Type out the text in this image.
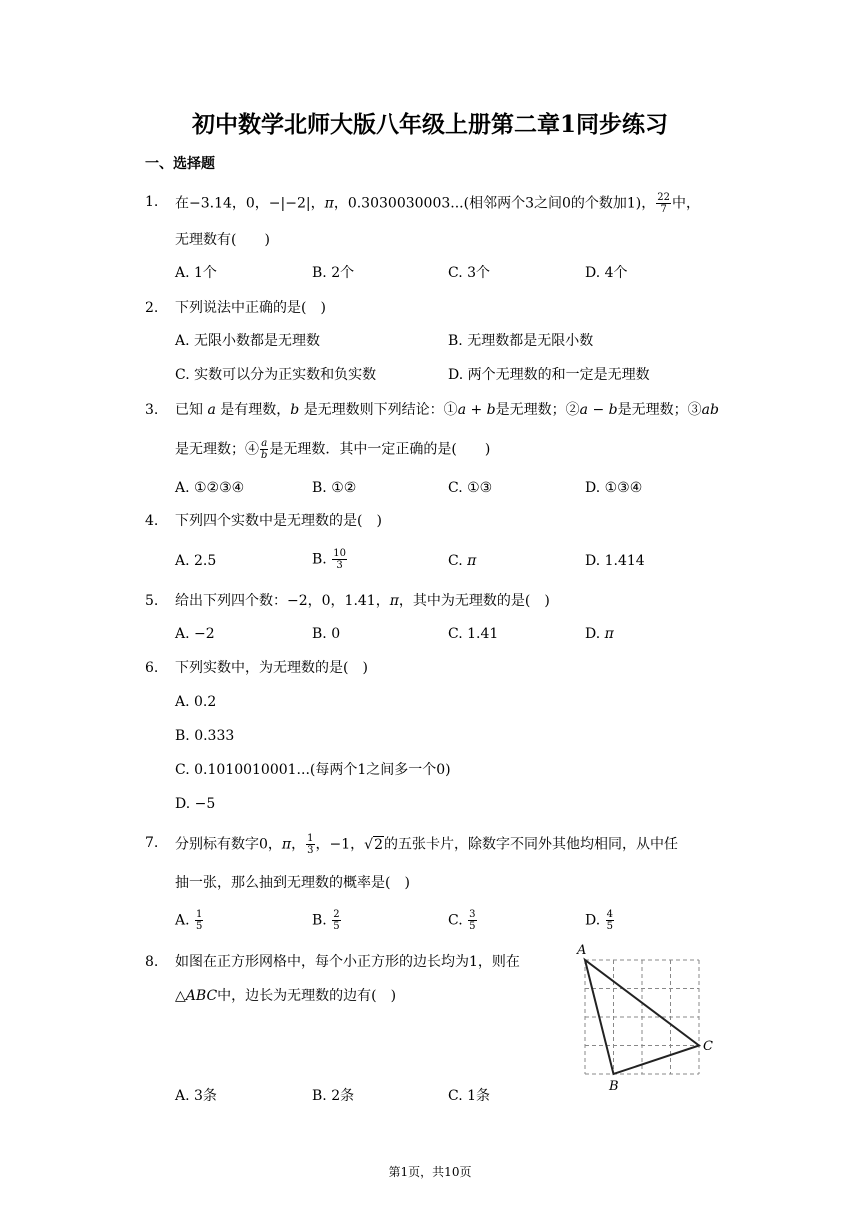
初中数学北师大版八年级上册第二章1同步练习
一、选择题
1. 在−3.14，0，−|−2|，π，0.3030030003...(相邻两个3之间0的个数加1)， $\frac{22}{7}$ 中，
无理数有(　　)
A. 1个	B. 2个	C. 3个	D. 4个
2. 下列说法中正确的是(　)
A. 无限小数都是无理数	B. 无理数都是无限小数
C. 实数可以分为正实数和负实数	D. 两个无理数的和一定是无理数
3. 已知 a 是有理数，b 是无理数则下列结论：①a + b是无理数；②a − b是无理数；③ab
是无理数；④ $\frac{a}{b}$ 是无理数．其中一定正确的是(　　)
A. ①②③④	B. ①②	C. ①③	D. ①③④
4. 下列四个实数中是无理数的是(　)
A. 2.5	B. $\frac{10}{3}$	C. π	D. 1.414
5. 给出下列四个数：−2，0，1.41，π，其中为无理数的是(　)
A. −2	B. 0	C. 1.41	D. π
6. 下列实数中，为无理数的是(　)
A. 0.2
B. 0.333
C. 0.1010010001...(每两个1之间多一个0)
D. −5
7. 分别标有数字0，π， $\frac{1}{3}$ ，−1，√2的五张卡片，除数字不同外其他均相同，从中任
抽一张，那么抽到无理数的概率是(　)
A. $\frac{1}{5}$	B. $\frac{2}{5}$	C. $\frac{3}{5}$	D. $\frac{4}{5}$
8. 如图在正方形网格中，每个小正方形的边长均为1，则在
△ABC中，边长为无理数的边有(　)
A. 3条	B. 2条	C. 1条
A
B
C
第1页，共10页
